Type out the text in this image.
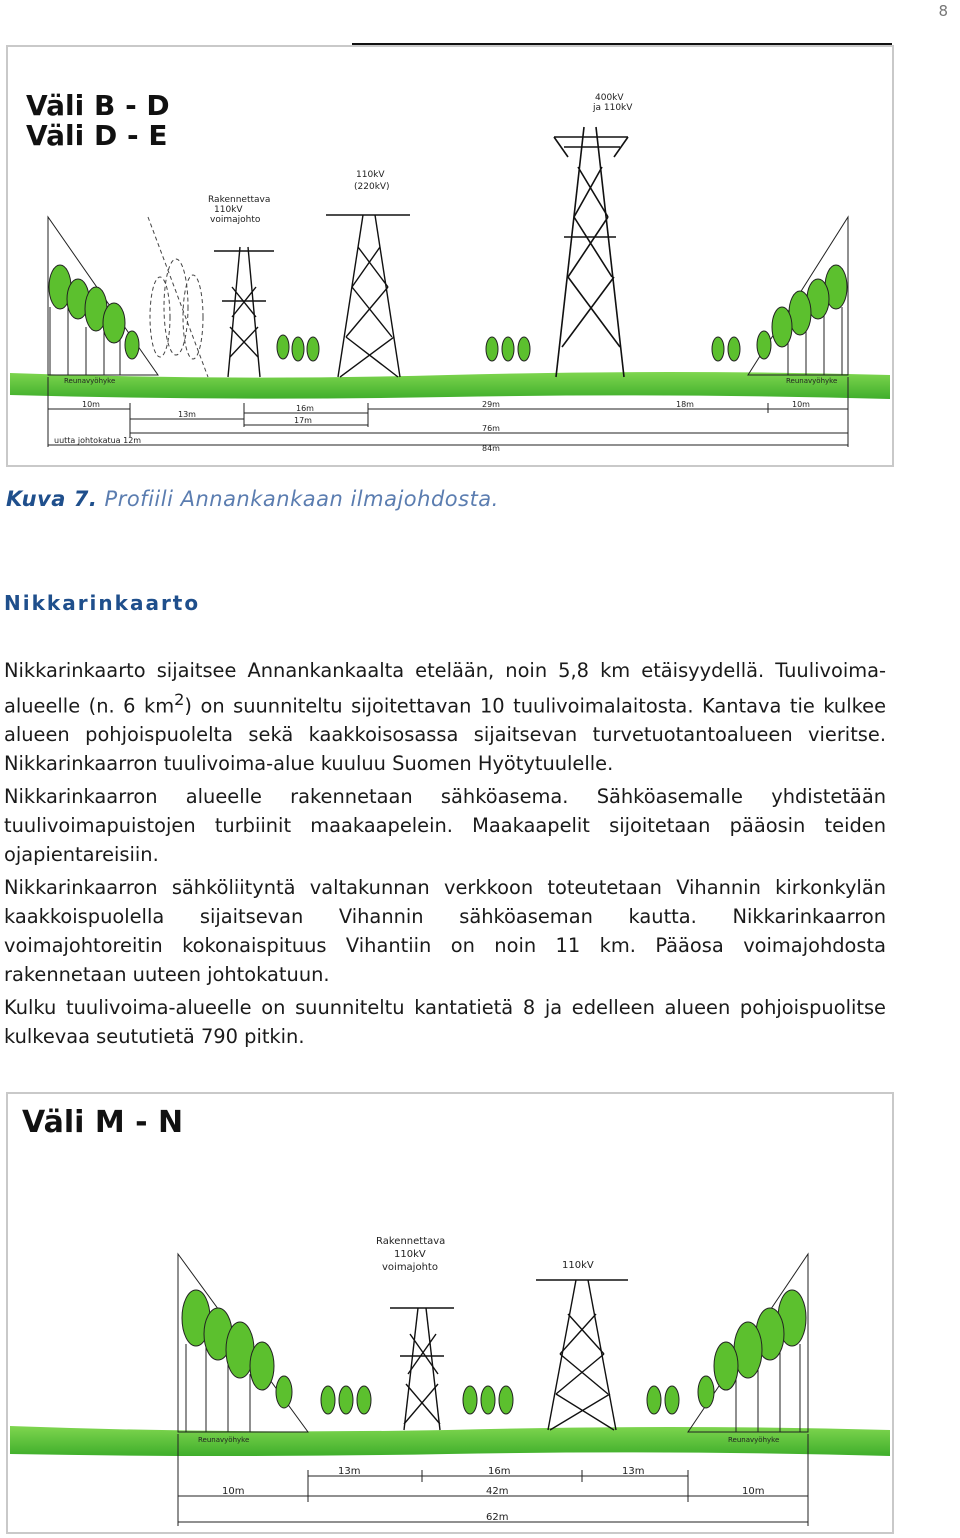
8
Väli B - D
Väli D - E
Rakennettava
110kV
voimajohto
110kV
(220kV)
400kV
ja 110kV
Reunavyöhyke	Reunavyöhyke
10m
13m
16m
17m
29m	18m	10m
76m
84m
uutta johtokatua 12m
Kuva 7. Profiili Annankankaan ilmajohdosta.
Nikkarinkaarto

Nikkarinkaarto sijaitsee Annankankaalta etelään, noin 5,8 km etäisyydellä. Tuulivoima-alueelle (n. 6 $km^2$) on suunniteltu sijoitettavan 10 tuulivoimalaitosta. Kantava tie kulkee alueen pohjoispuolelta sekä kaakkoisosassa sijaitsevan turvetuotantoalueen vieritse. Nikkarinkaarron tuulivoima-alue kuuluu Suomen Hyötytuulelle.

Nikkarinkaarron alueelle rakennetaan sähköasema. Sähköasemalle yhdistetään tuulivoimapuistojen turbiinit maakaapelein. Maakaapelit sijoitetaan pääosin teiden ojapientareisiin.

Nikkarinkaarron sähköliityntä valtakunnan verkkoon toteutetaan Vihannin kirkonkylän kaakkoispuolella sijaitsevan Vihannin sähköaseman kautta. Nikkarinkaarron voimajohtoreitin kokonaispituus Vihantiin on noin 11 km. Pääosa voimajohdosta rakennetaan uuteen johtokatuun.

Kulku tuulivoima-alueelle on suunniteltu kantatietä 8 ja edelleen alueen pohjoispuolitse kulkevaa seututietä 790 pitkin.

Väli M - N
Rakennettava
110kV
voimajohto	110kV
Reunavyöhyke	Reunavyöhyke
13m	16m	13m
10m	42m	10m
62m
